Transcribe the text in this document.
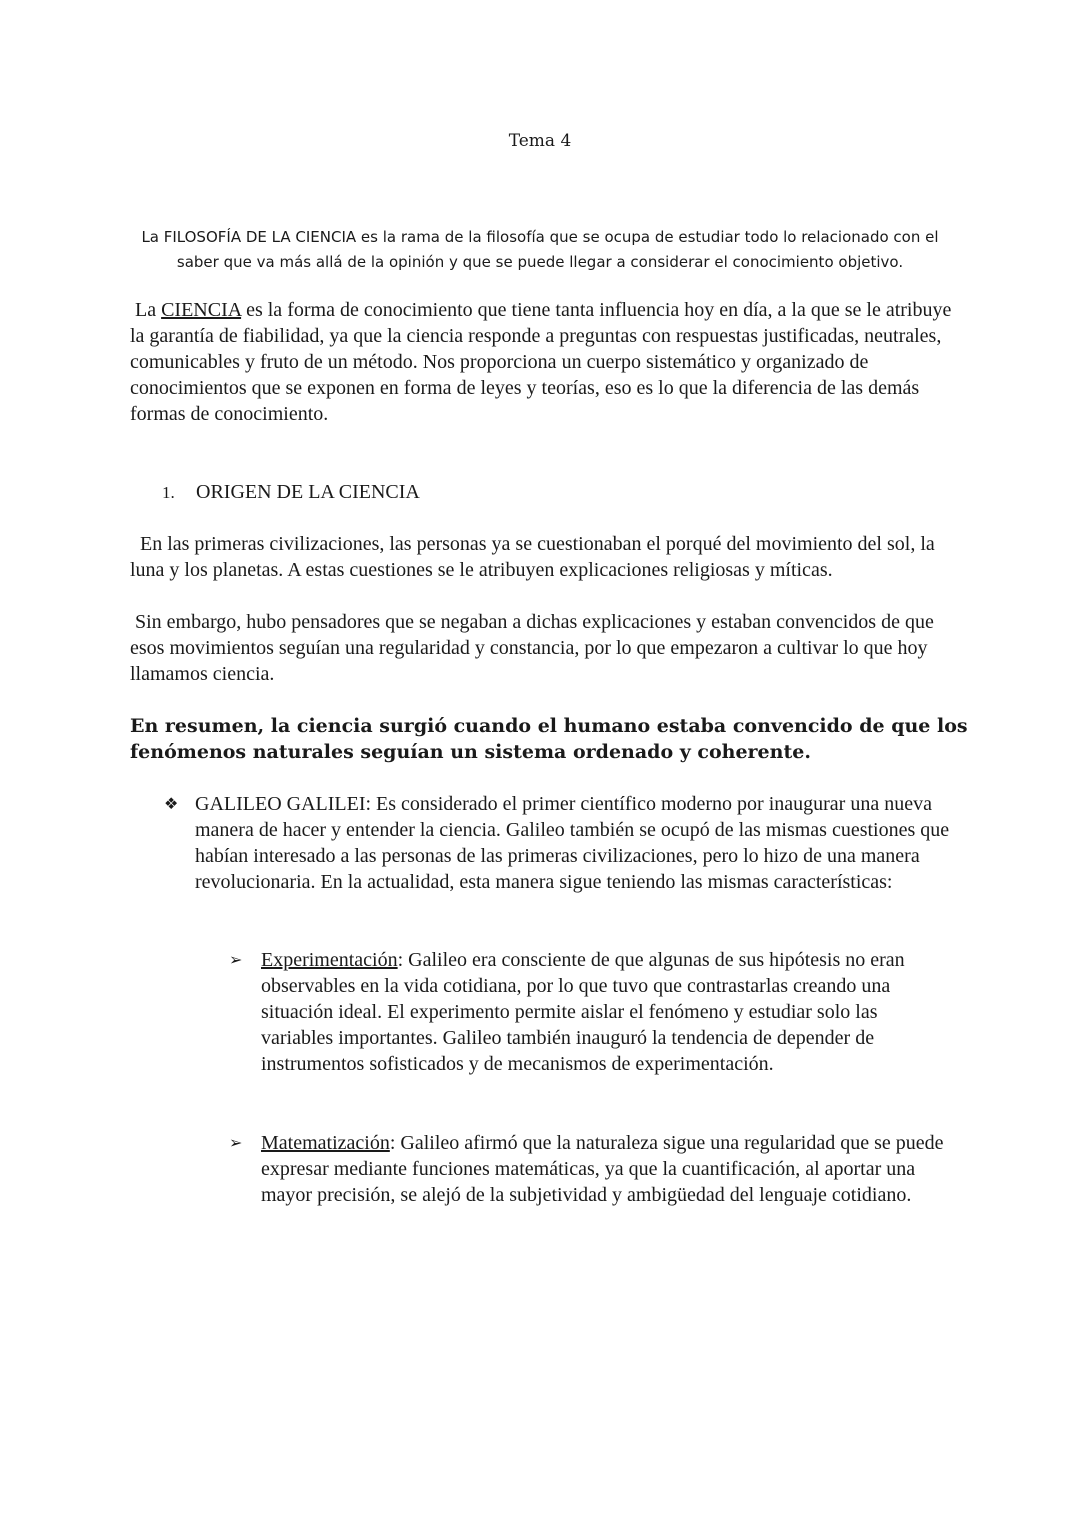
Tema 4
La FILOSOFÍA DE LA CIENCIA es la rama de la filosofía que se ocupa de estudiar todo lo relacionado con el saber que va más allá de la opinión y que se puede llegar a considerar el conocimiento objetivo.
La CIENCIA es la forma de conocimiento que tiene tanta influencia hoy en día, a la que se le atribuye la garantía de fiabilidad, ya que la ciencia responde a preguntas con respuestas justificadas, neutrales, comunicables y fruto de un método. Nos proporciona un cuerpo sistemático y organizado de conocimientos que se exponen en forma de leyes y teorías, eso es lo que la diferencia de las demás formas de conocimiento.
1. ORIGEN DE LA CIENCIA
En las primeras civilizaciones, las personas ya se cuestionaban el porqué del movimiento del sol, la luna y los planetas. A estas cuestiones se le atribuyen explicaciones religiosas y míticas.
Sin embargo, hubo pensadores que se negaban a dichas explicaciones y estaban convencidos de que esos movimientos seguían una regularidad y constancia, por lo que empezaron a cultivar lo que hoy llamamos ciencia.
En resumen, la ciencia surgió cuando el humano estaba convencido de que los fenómenos naturales seguían un sistema ordenado y coherente.
❖ GALILEO GALILEI: Es considerado el primer científico moderno por inaugurar una nueva manera de hacer y entender la ciencia. Galileo también se ocupó de las mismas cuestiones que habían interesado a las personas de las primeras civilizaciones, pero lo hizo de una manera revolucionaria. En la actualidad, esta manera sigue teniendo las mismas características:
➢ Experimentación: Galileo era consciente de que algunas de sus hipótesis no eran observables en la vida cotidiana, por lo que tuvo que contrastarlas creando una situación ideal. El experimento permite aislar el fenómeno y estudiar solo las variables importantes. Galileo también inauguró la tendencia de depender de instrumentos sofisticados y de mecanismos de experimentación.
➢ Matematización: Galileo afirmó que la naturaleza sigue una regularidad que se puede expresar mediante funciones matemáticas, ya que la cuantificación, al aportar una mayor precisión, se alejó de la subjetividad y ambigüedad del lenguaje cotidiano.
